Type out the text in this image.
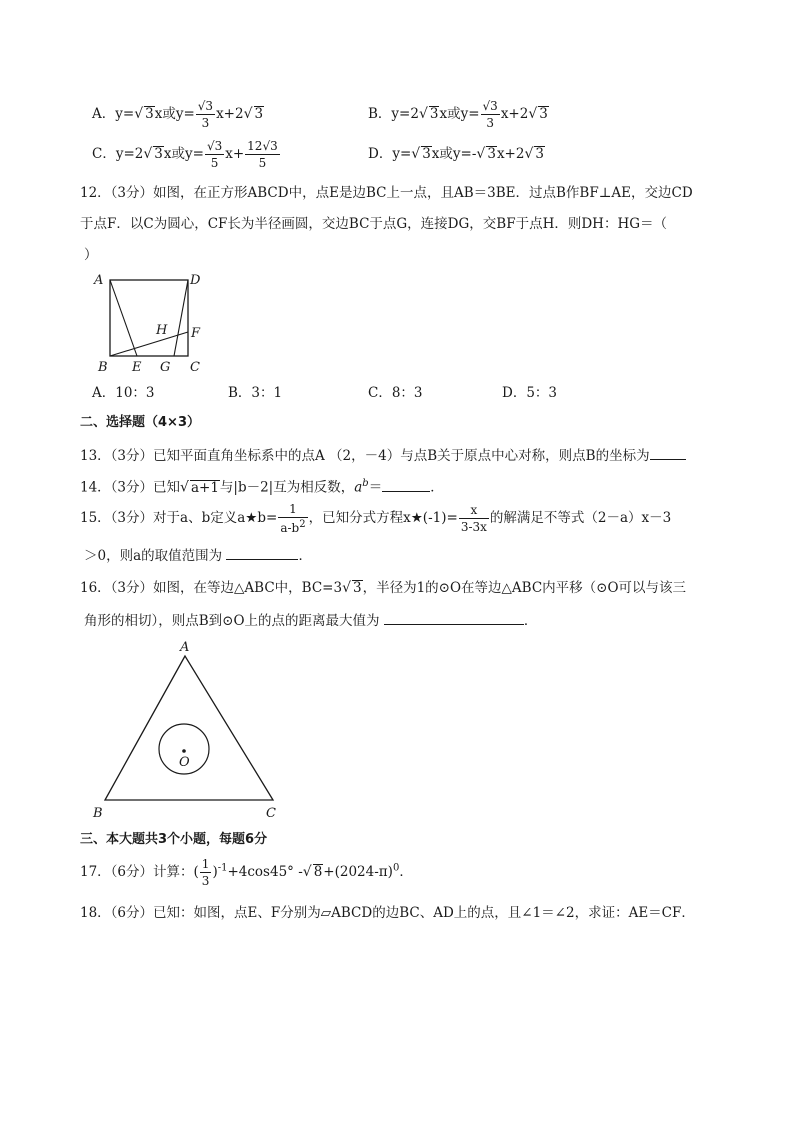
A．y=√ 3x或$y= \frac{√3}{3} x+2√$ 3	B．y=2√ 3x或$y= \frac{√3}{3} x+2√$ 3
C．y=2√ 3x或$y= \frac{√3}{5} x+ \frac{12√3}{5}$	D．y=√ 3x或y=-√ 3x+2√ 3
12．（3分）如图，在正方形ABCD中，点E是边BC上一点，且AB＝3BE．过点B作BF⊥AE，交边CD
于点F．以C为圆心，CF长为半径画圆，交边BC于点G，连接DG，交BF于点H．则DH：HG＝（
）
A	D
H F
B E G C
A．10：3	B．3：1	C．8：3	D．5：3
二、选择题（4×3）
13．（3分）已知平面直角坐标系中的点A （2，－4）与点B关于原点中心对称，则点B的坐标为
14．（3分）已知√ a+1与|b－2|互为相反数，$a^b=$	．
15．（3分）对于a、b定义a★b= $\frac{1}{a-b^2}$ ，已知分式方程x★(-1)= $\frac{x}{3-3x}$ 的解满足不等式（2－a）x－3
＞0，则a的取值范围为	．
16．（3分）如图，在等边△ABC中，BC=3√ 3，半径为1的⊙O在等边△ABC内平移（⊙O可以与该三
角形的相切），则点B到⊙O上的点的距离最大值为	．
A
O
B	C
三、本大题共3个小题，每题6分
17．（6分）计算：( $\frac{1}{3} )^{-1}+4\cos 45^\circ$ -√ $8+(2024-\pi)^0$．
18．（6分）已知：如图，点E、F分别为▱ABCD的边BC、AD上的点，且∠1＝∠2，求证：AE＝CF．
